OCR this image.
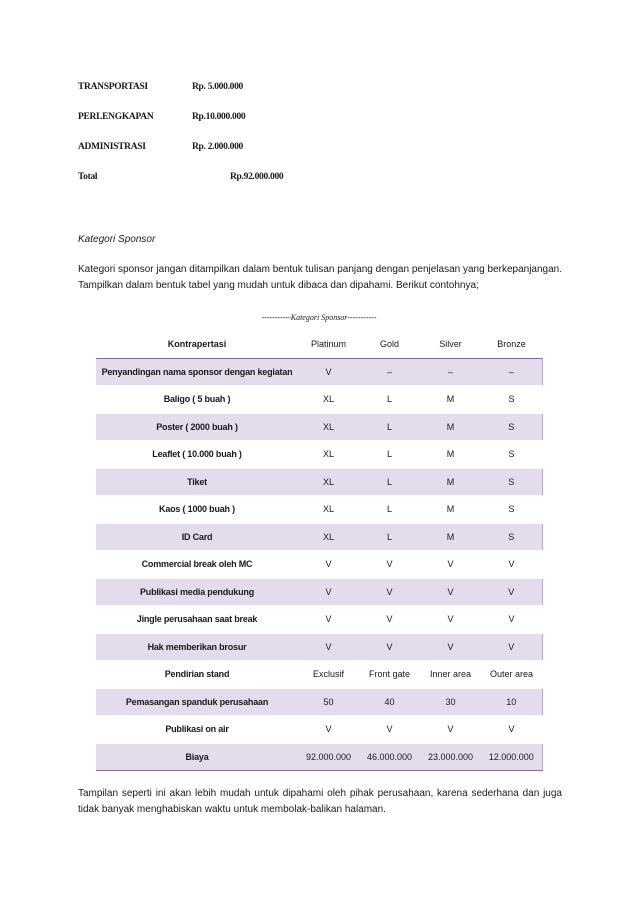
TRANSPORTASI	Rp. 5.000.000
PERLENGKAPAN	Rp.10.000.000
ADMINISTRASI	Rp. 2.000.000
Total	Rp.92.000.000
Kategori Sponsor

Kategori sponsor jangan ditampilkan dalam bentuk tulisan panjang dengan penjelasan yang berkepanjangan. Tampilkan dalam bentuk tabel yang mudah untuk dibaca dan dipahami. Berikut contohnya;

-----------Kategori Sponsor-----------
Kontrapertasi	Platinum	Gold	Silver	Bronze
Penyandingan nama sponsor dengan kegiatan	V	–	–	–
Baligo ( 5 buah )	XL	L	M	S
Poster ( 2000 buah )	XL	L	M	S
Leaflet ( 10.000 buah )	XL	L	M	S
Tiket	XL	L	M	S
Kaos ( 1000 buah )	XL	L	M	S
ID Card	XL	L	M	S
Commercial break oleh MC	V	V	V	V
Publikasi media pendukung	V	V	V	V
Jingle perusahaan saat break	V	V	V	V
Hak memberikan brosur	V	V	V	V
Pendirian stand	Exclusif	Front gate	Inner area	Outer area
Pemasangan spanduk perusahaan	50	40	30	10
Publikasi on air	V	V	V	V
Biaya	92.000.000	46.000.000	23.000.000	12.000.000

Tampilan seperti ini akan lebih mudah untuk dipahami oleh pihak perusahaan, karena sederhana dan juga tidak banyak menghabiskan waktu untuk membolak-balikan halaman.
